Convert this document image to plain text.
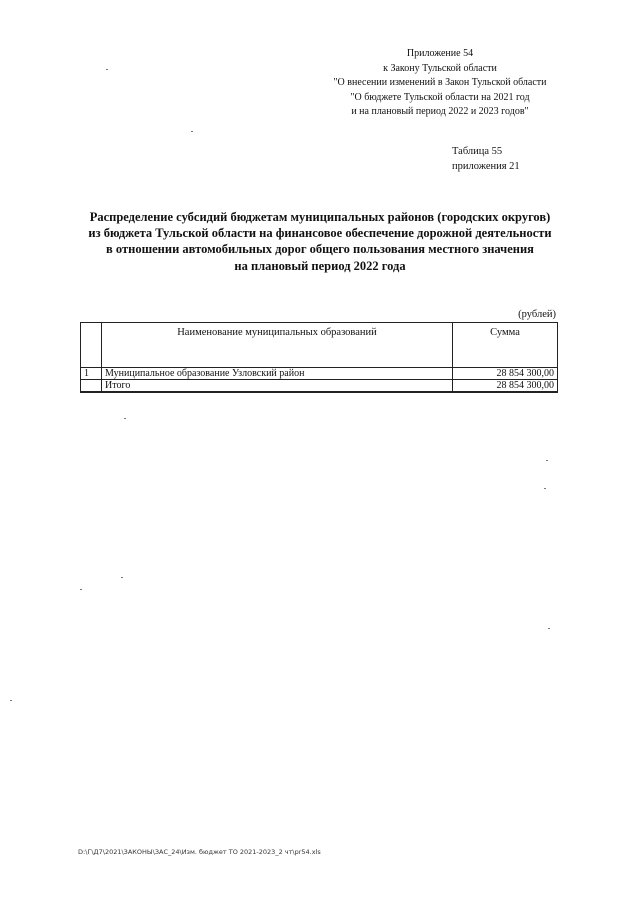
Приложение 54
к Закону Тульской области
"О внесении изменений в Закон Тульской области
"О бюджете Тульской области на 2021 год
и на плановый период 2022 и 2023 годов"
Таблица 55
приложения 21
Распределение субсидий бюджетам муниципальных районов (городских округов)
из бюджета Тульской области на финансовое обеспечение дорожной деятельности
в отношении автомобильных дорог общего пользования местного значения
на плановый период 2022 года
(рублей)
	Наименование муниципальных образований	Сумма
1	Муниципальное образование Узловский район	28 854 300,00
	Итого	28 854 300,00
D:\Г\Д7\2021\ЗАКОНЫ\ЗАС_24\Изм. бюджет ТО 2021-2023_2 чт\pr54.xls
